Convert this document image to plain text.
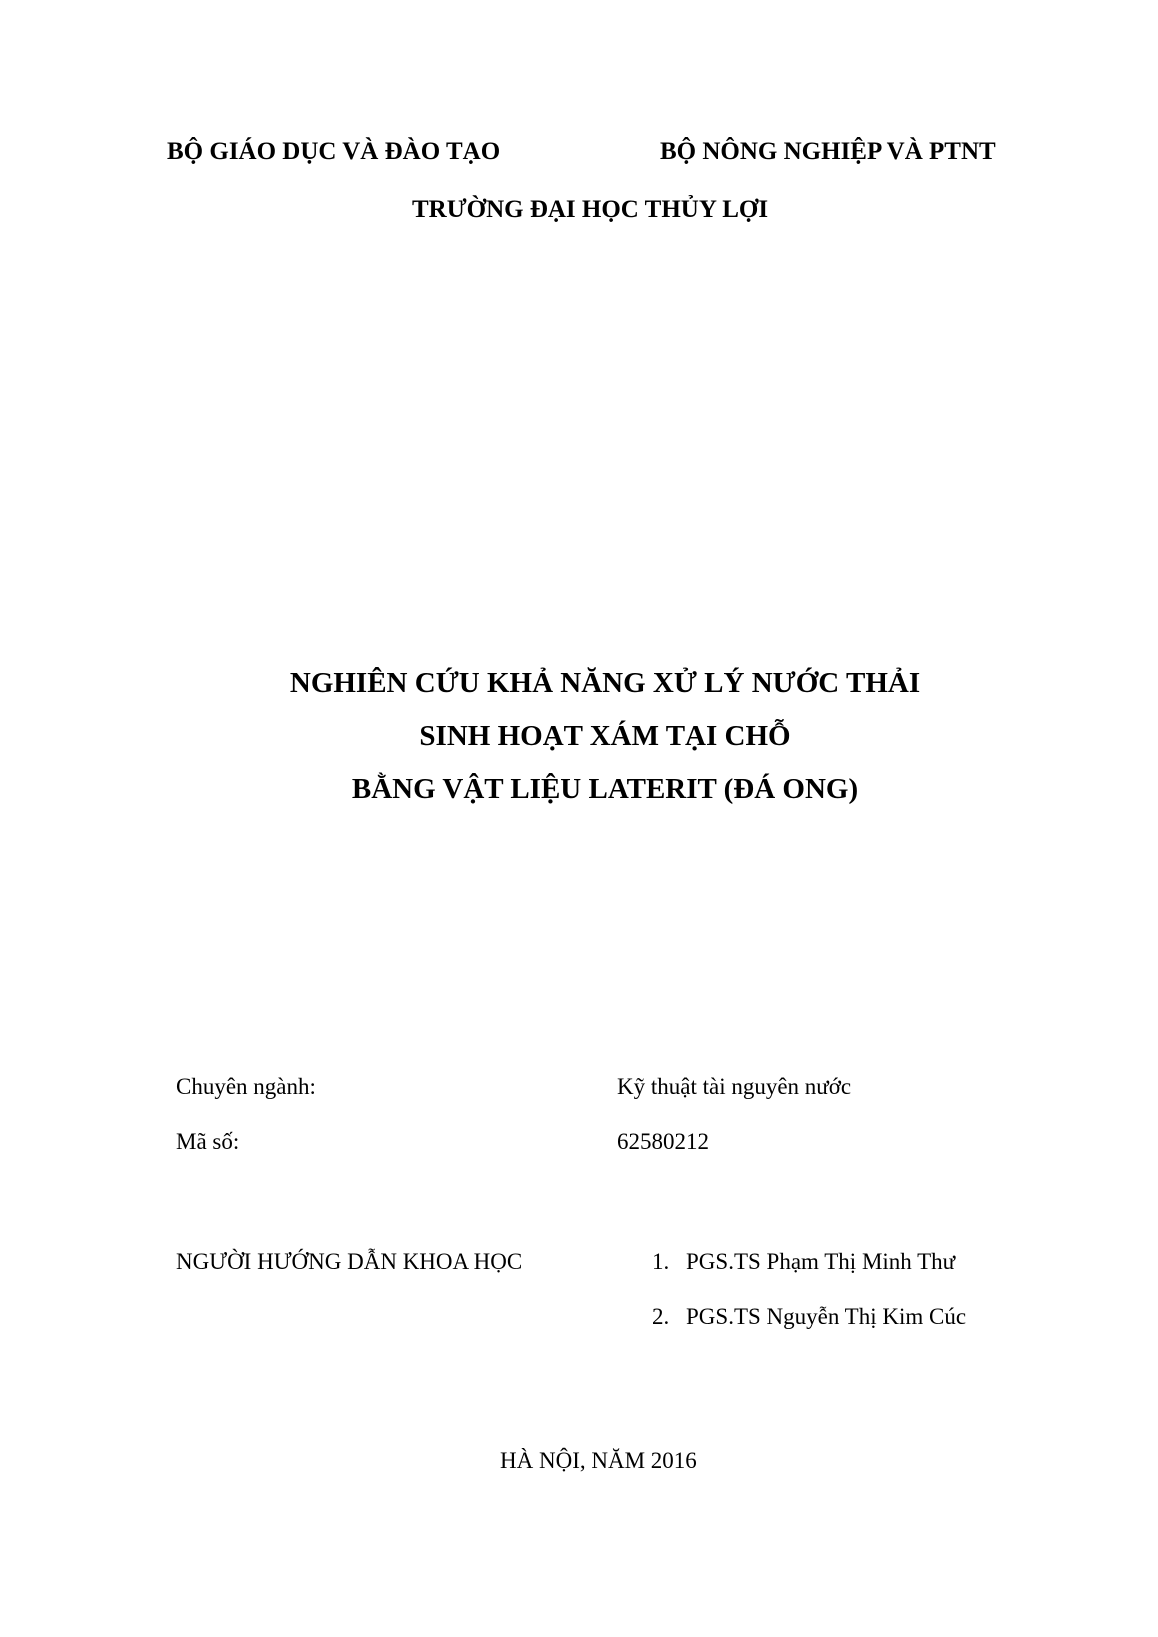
BỘ GIÁO DỤC VÀ ĐÀO TẠO	BỘ NÔNG NGHIỆP VÀ PTNT
TRƯỜNG ĐẠI HỌC THỦY LỢI
NGHIÊN CỨU KHẢ NĂNG XỬ LÝ NƯỚC THẢI
SINH HOẠT XÁM TẠI CHỖ
BẰNG VẬT LIỆU LATERIT (ĐÁ ONG)
Chuyên ngành:	Kỹ thuật tài nguyên nước
Mã số:	62580212
NGƯỜI HƯỚNG DẪN KHOA HỌC	1. PGS.TS Phạm Thị Minh Thư
2. PGS.TS Nguyễn Thị Kim Cúc
HÀ NỘI, NĂM 2016
